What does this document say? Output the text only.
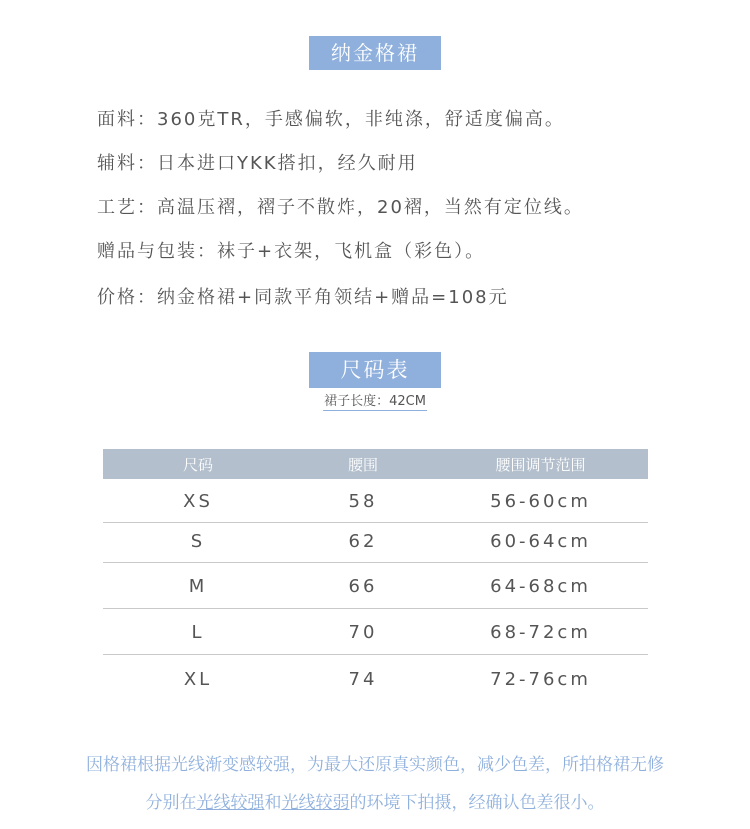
纳金格裙
面料：360克TR，手感偏软，非纯涤，舒适度偏高。
辅料：日本进口YKK搭扣，经久耐用
工艺：高温压褶，褶子不散炸，20褶，当然有定位线。
赠品与包装：袜子+衣架，飞机盒（彩色）。
价格：纳金格裙+同款平角领结+赠品=108元
尺码表
裙子长度：42CM
尺码	腰围	腰围调节范围
XS	58	56-60cm
S	62	60-64cm
M	66	64-68cm
L	70	68-72cm
XL	74	72-76cm
因格裙根据光线渐变感较强，为最大还原真实颜色，减少色差，所拍格裙无修
分别在光线较强和光线较弱的环境下拍摄，经确认色差很小。
